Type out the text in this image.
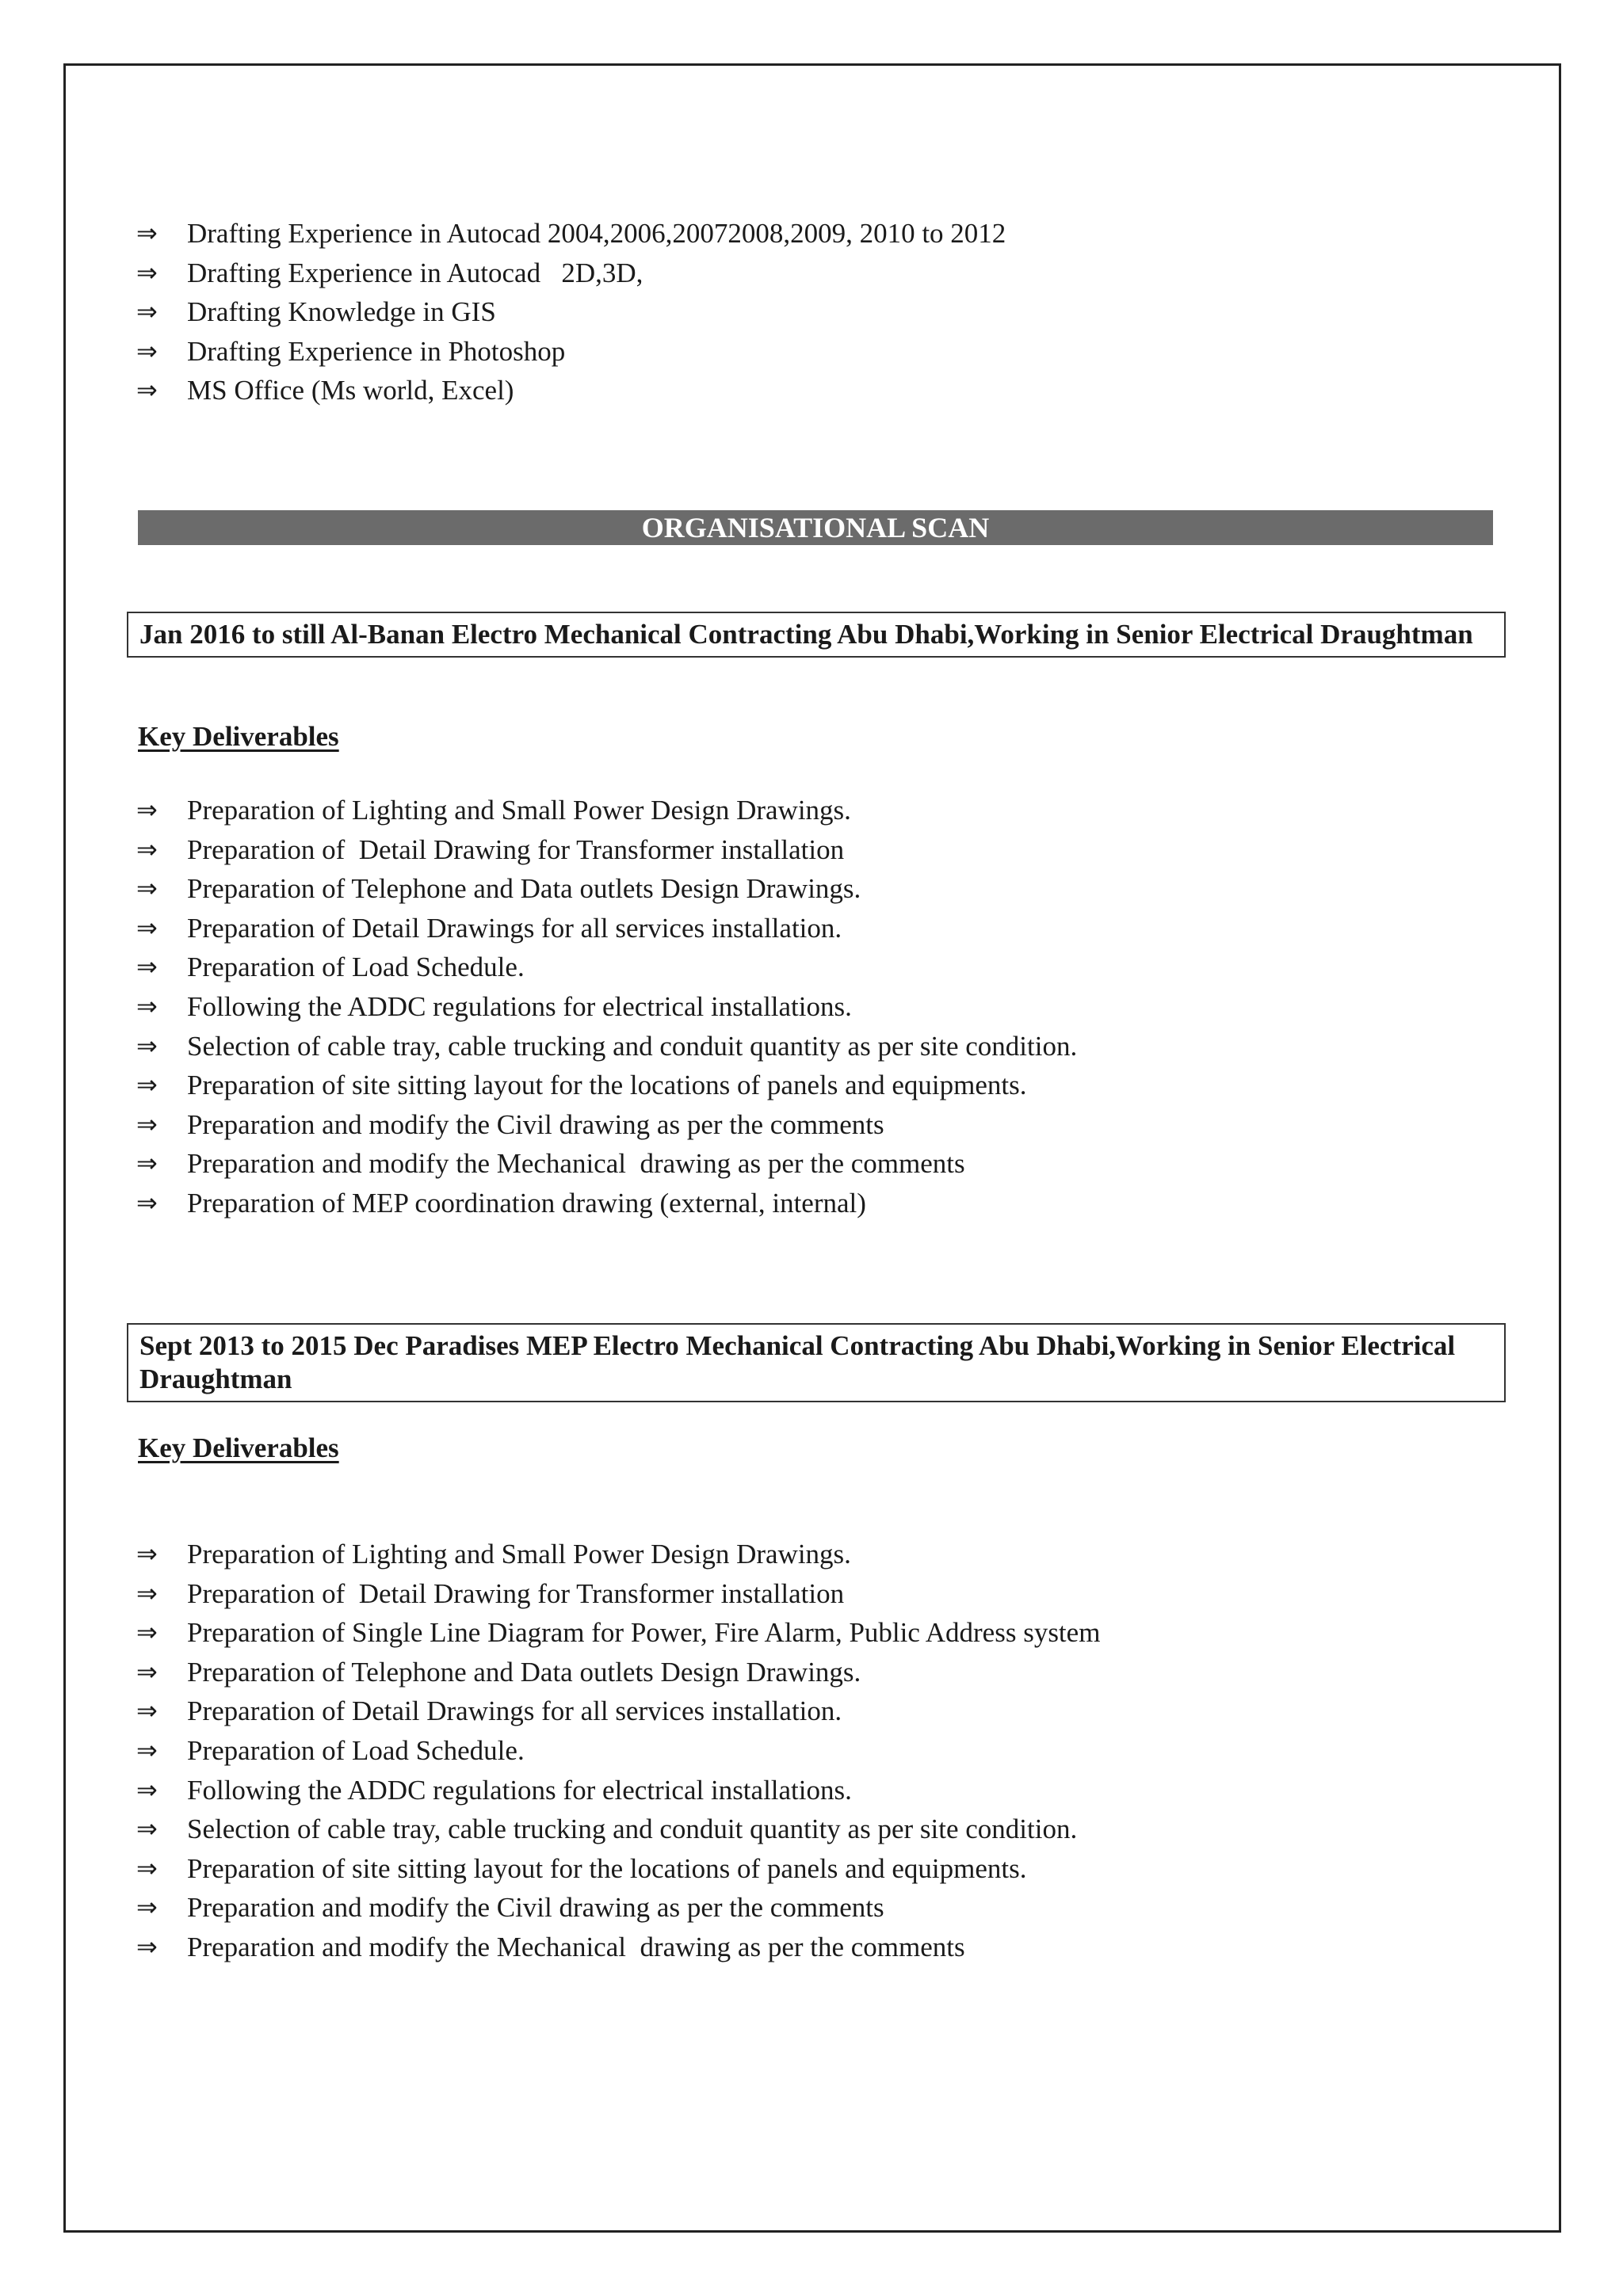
⇒	Drafting Experience in Autocad 2004,2006,20072008,2009, 2010 to 2012
⇒	Drafting Experience in Autocad   2D,3D,
⇒	Drafting Knowledge in GIS
⇒	Drafting Experience in Photoshop
⇒	MS Office (Ms world, Excel)
ORGANISATIONAL SCAN
Jan 2016 to still Al-Banan Electro Mechanical Contracting Abu Dhabi,Working in Senior Electrical Draughtman
Key Deliverables
⇒	Preparation of Lighting and Small Power Design Drawings.
⇒	Preparation of  Detail Drawing for Transformer installation
⇒	Preparation of Telephone and Data outlets Design Drawings.
⇒	Preparation of Detail Drawings for all services installation.
⇒	Preparation of Load Schedule.
⇒	Following the ADDC regulations for electrical installations.
⇒	Selection of cable tray, cable trucking and conduit quantity as per site condition.
⇒	Preparation of site sitting layout for the locations of panels and equipments.
⇒	Preparation and modify the Civil drawing as per the comments
⇒	Preparation and modify the Mechanical  drawing as per the comments
⇒	Preparation of MEP coordination drawing (external, internal)
Sept 2013 to 2015 Dec Paradises MEP Electro Mechanical Contracting Abu Dhabi,Working in Senior Electrical Draughtman
Key Deliverables
⇒	Preparation of Lighting and Small Power Design Drawings.
⇒	Preparation of  Detail Drawing for Transformer installation
⇒	Preparation of Single Line Diagram for Power, Fire Alarm, Public Address system
⇒	Preparation of Telephone and Data outlets Design Drawings.
⇒	Preparation of Detail Drawings for all services installation.
⇒	Preparation of Load Schedule.
⇒	Following the ADDC regulations for electrical installations.
⇒	Selection of cable tray, cable trucking and conduit quantity as per site condition.
⇒	Preparation of site sitting layout for the locations of panels and equipments.
⇒	Preparation and modify the Civil drawing as per the comments
⇒	Preparation and modify the Mechanical  drawing as per the comments
